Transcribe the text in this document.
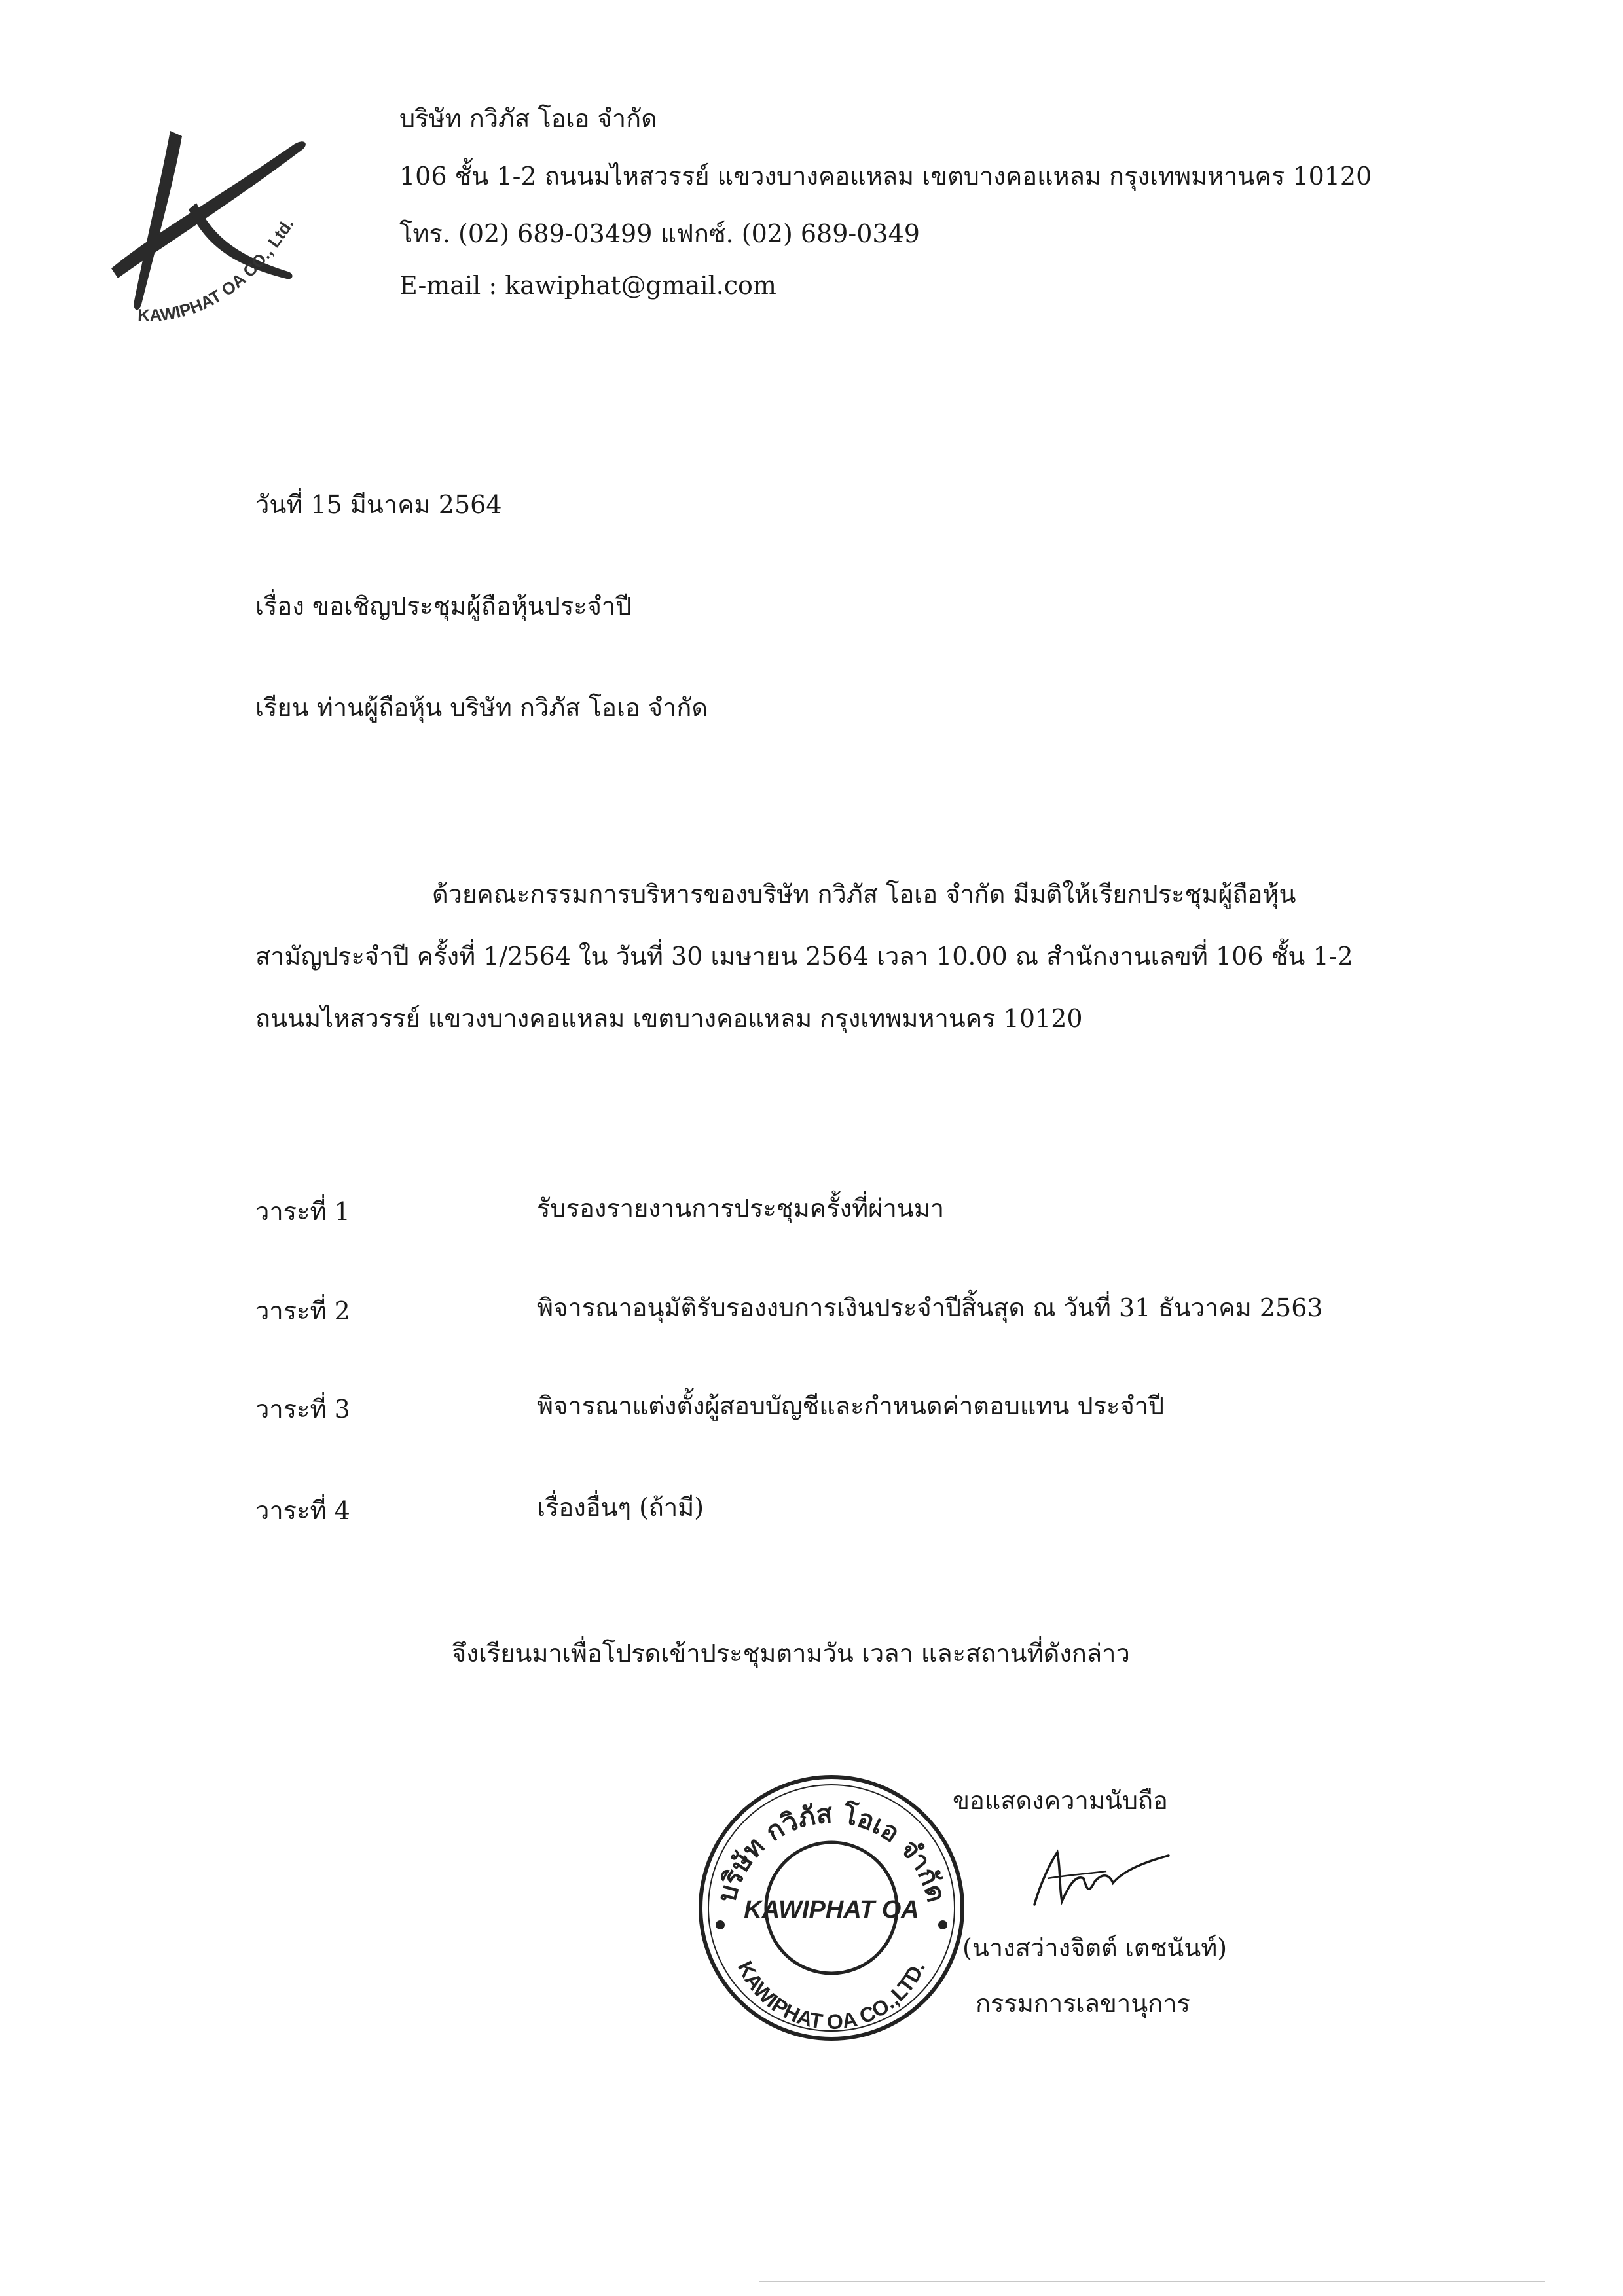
KAWIPHAT OA CO., Ltd.
บริษัท กวิภัส โอเอ จำกัด
106 ชั้น 1-2 ถนนมไหสวรรย์ แขวงบางคอแหลม เขตบางคอแหลม กรุงเทพมหานคร 10120
โทร. (02) 689-03499 แฟกซ์. (02) 689-0349
E-mail : kawiphat@gmail.com
วันที่ 15 มีนาคม 2564
เรื่อง ขอเชิญประชุมผู้ถือหุ้นประจำปี
เรียน ท่านผู้ถือหุ้น บริษัท กวิภัส โอเอ จำกัด
ด้วยคณะกรรมการบริหารของบริษัท กวิภัส โอเอ จำกัด มีมติให้เรียกประชุมผู้ถือหุ้น
สามัญประจำปี ครั้งที่ 1/2564 ใน วันที่ 30 เมษายน 2564 เวลา 10.00 ณ สำนักงานเลขที่ 106 ชั้น 1-2
ถนนมไหสวรรย์ แขวงบางคอแหลม เขตบางคอแหลม กรุงเทพมหานคร 10120
วาระที่ 1	รับรองรายงานการประชุมครั้งที่ผ่านมา
วาระที่ 2	พิจารณาอนุมัติรับรองงบการเงินประจำปีสิ้นสุด ณ วันที่ 31 ธันวาคม 2563
วาระที่ 3	พิจารณาแต่งตั้งผู้สอบบัญชีและกำหนดค่าตอบแทน ประจำปี
วาระที่ 4	เรื่องอื่นๆ (ถ้ามี)
จึงเรียนมาเพื่อโปรดเข้าประชุมตามวัน เวลา และสถานที่ดังกล่าว
ขอแสดงความนับถือ
(นางสว่างจิตต์ เตชนันท์)
กรรมการเลขานุการ
บริษัท กวิภัส โอเอ จำกัด
KAWIPHAT OA CO.,LTD.
KAWIPHAT OA
